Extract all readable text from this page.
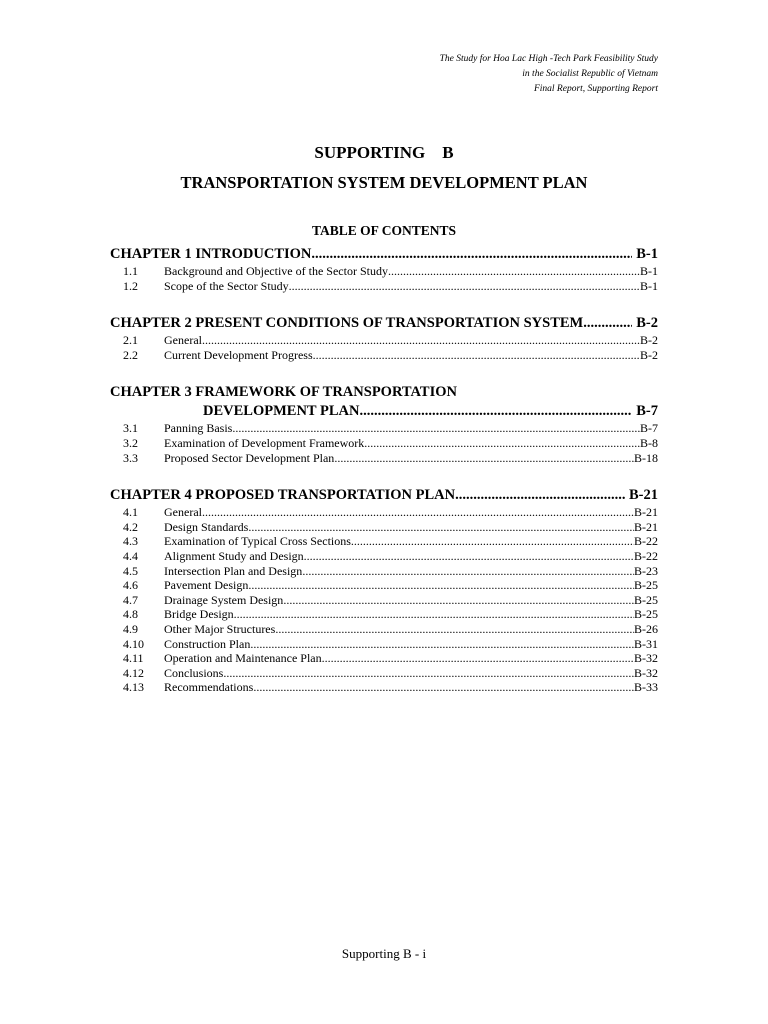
The Study for Hoa Lac High -Tech Park Feasibility Study
in the Socialist Republic of Vietnam
Final Report, Supporting Report
SUPPORTING    B
TRANSPORTATION SYSTEM DEVELOPMENT PLAN
TABLE OF CONTENTS
CHAPTER 1 INTRODUCTION .....	B-1
1.1	Background and Objective of the Sector Study .....	B-1
1.2	Scope of the Sector Study .....	B-1
CHAPTER 2 PRESENT CONDITIONS OF TRANSPORTATION SYSTEM .....	B-2
2.1	General .....	B-2
2.2	Current Development Progress .....	B-2
CHAPTER 3 FRAMEWORK OF TRANSPORTATION
DEVELOPMENT PLAN .....	B-7
3.1	Panning Basis .....	B-7
3.2	Examination of Development Framework .....	B-8
3.3	Proposed Sector Development Plan .....	B-18
CHAPTER 4 PROPOSED TRANSPORTATION PLAN .....	B-21
4.1	General .....	B-21
4.2	Design Standards .....	B-21
4.3	Examination of Typical Cross Sections .....	B-22
4.4	Alignment Study and Design .....	B-22
4.5	Intersection Plan and Design .....	B-23
4.6	Pavement Design .....	B-25
4.7	Drainage System Design .....	B-25
4.8	Bridge Design .....	B-25
4.9	Other Major Structures .....	B-26
4.10	Construction Plan .....	B-31
4.11	Operation and Maintenance Plan .....	B-32
4.12	Conclusions .....	B-32
4.13	Recommendations .....	B-33
Supporting B - i
